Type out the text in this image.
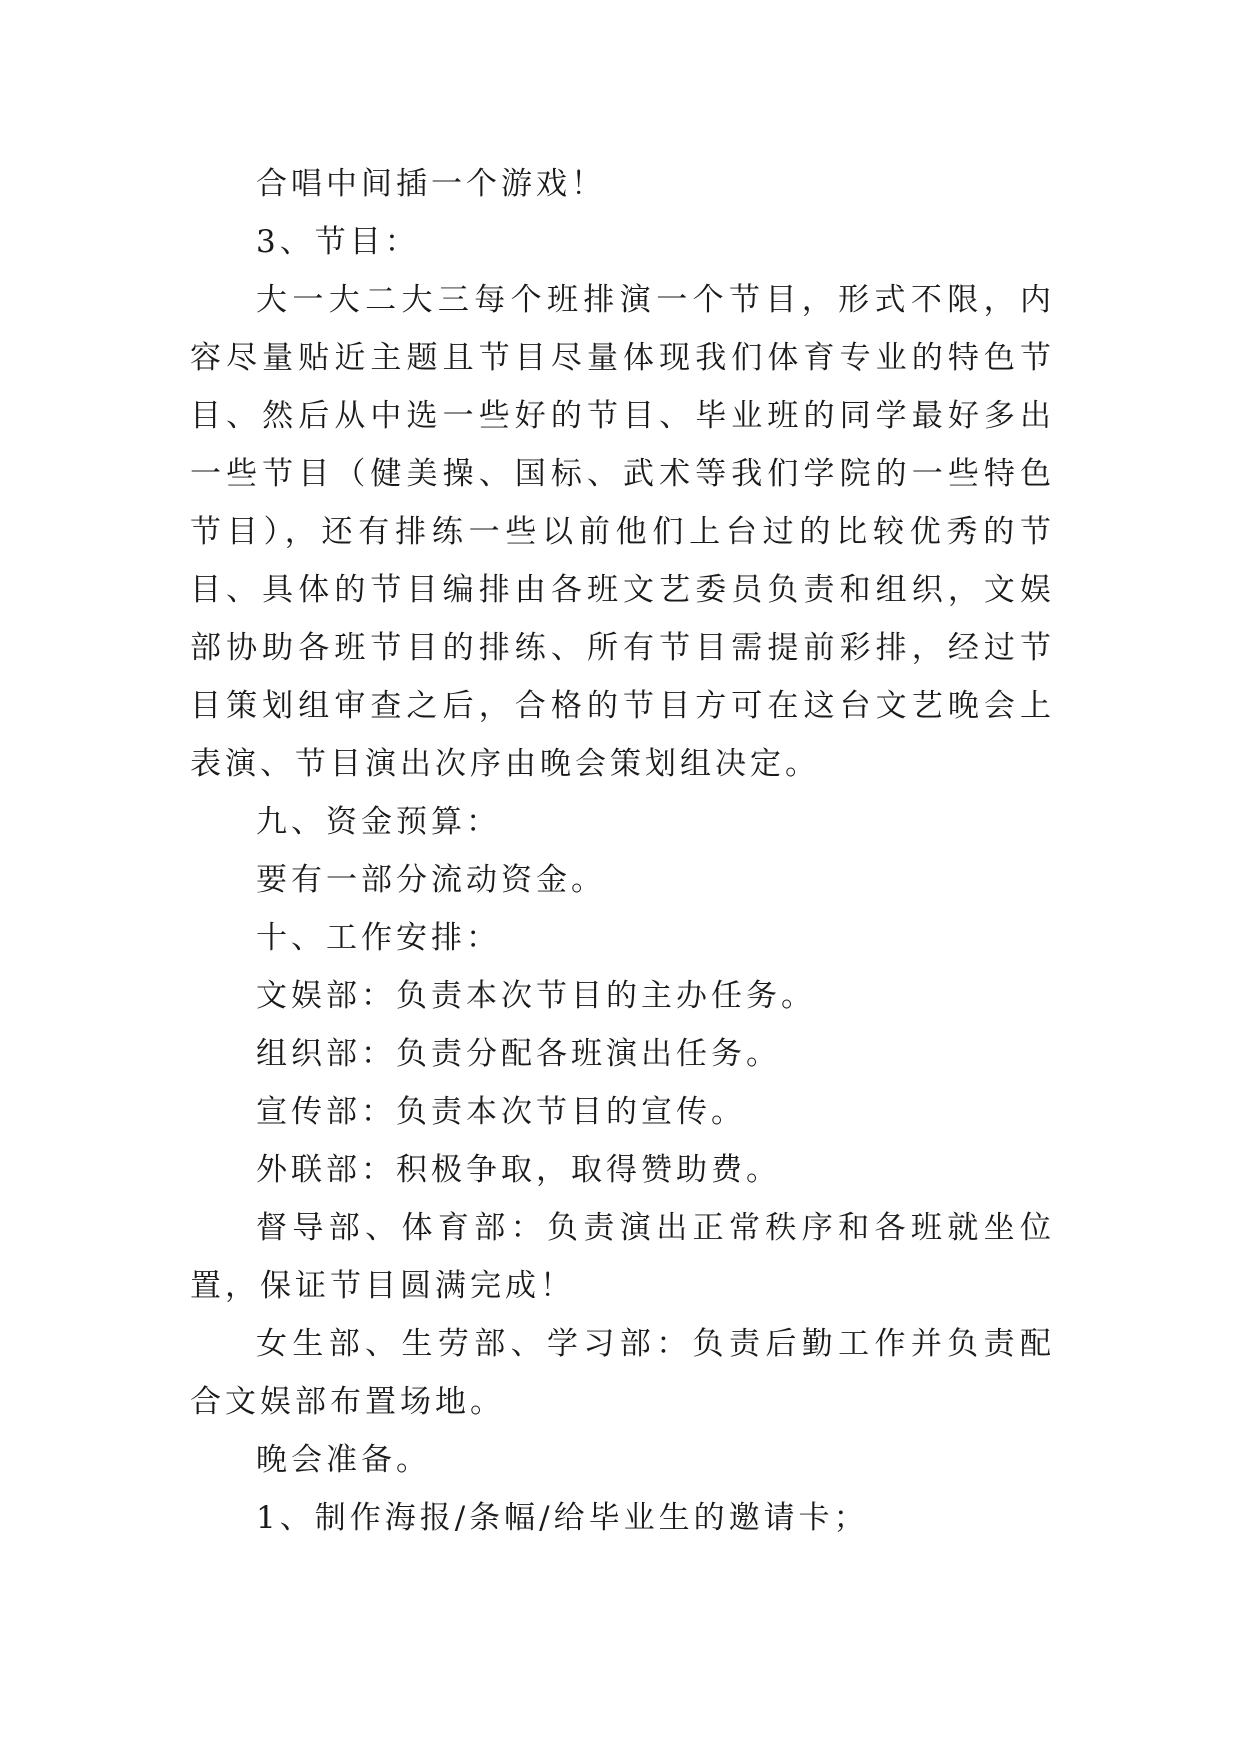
合唱中间插一个游戏！

3、节目：

大一大二大三每个班排演一个节目，形式不限，内容尽量贴近主题且节目尽量体现我们体育专业的特色节目、然后从中选一些好的节目、毕业班的同学最好多出一些节目（健美操、国标、武术等我们学院的一些特色节目），还有排练一些以前他们上台过的比较优秀的节目、具体的节目编排由各班文艺委员负责和组织，文娱部协助各班节目的排练、所有节目需提前彩排，经过节目策划组审查之后，合格的节目方可在这台文艺晚会上表演、节目演出次序由晚会策划组决定。

九、资金预算：

要有一部分流动资金。

十、工作安排：

文娱部：负责本次节目的主办任务。

组织部：负责分配各班演出任务。

宣传部：负责本次节目的宣传。

外联部：积极争取，取得赞助费。

督导部、体育部：负责演出正常秩序和各班就坐位置，保证节目圆满完成！

女生部、生劳部、学习部：负责后勤工作并负责配合文娱部布置场地。

晚会准备。

1、制作海报/条幅/给毕业生的邀请卡；
